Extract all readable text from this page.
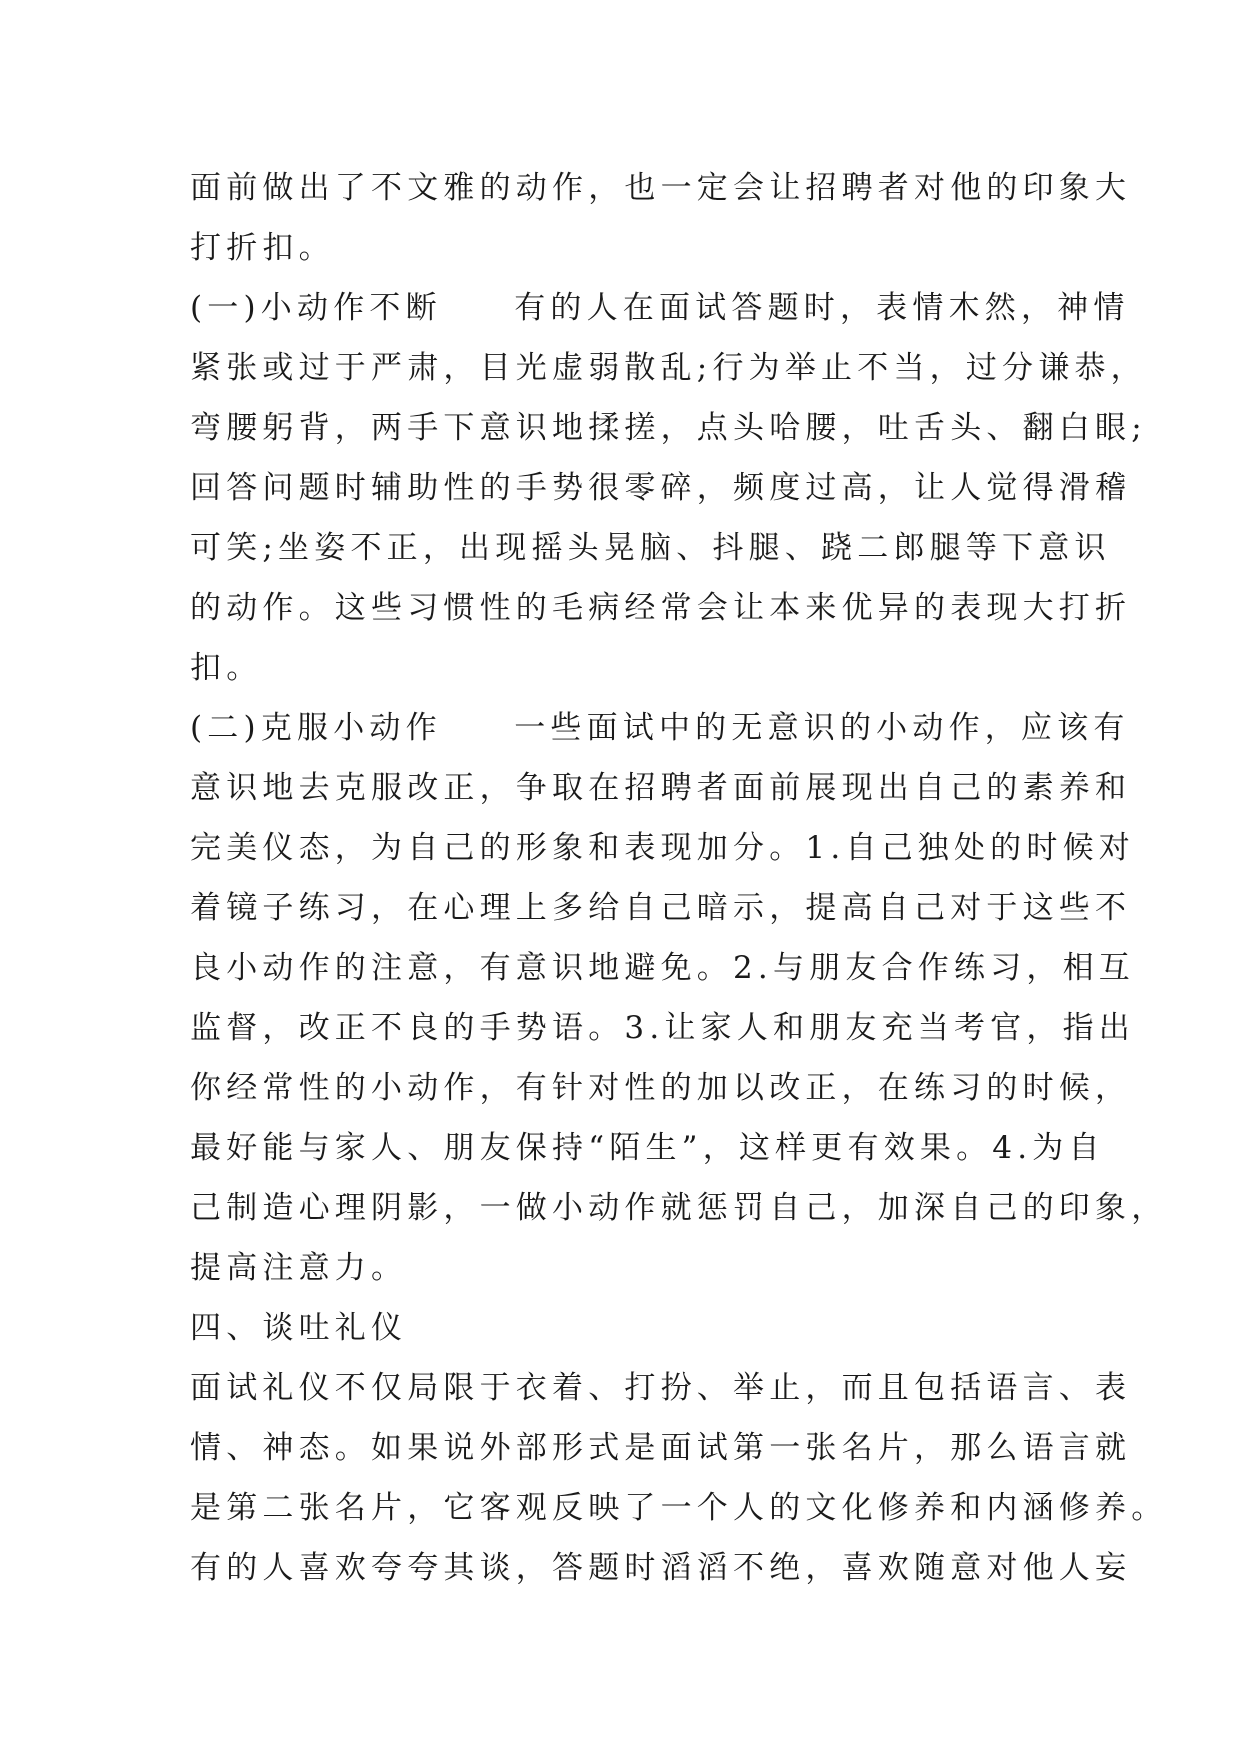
面前做出了不文雅的动作，也一定会让招聘者对他的印象大
打折扣。
(一)小动作不断　　有的人在面试答题时，表情木然，神情
紧张或过于严肃，目光虚弱散乱;行为举止不当，过分谦恭，
弯腰躬背，两手下意识地揉搓，点头哈腰，吐舌头、翻白眼;
回答问题时辅助性的手势很零碎，频度过高，让人觉得滑稽
可笑;坐姿不正，出现摇头晃脑、抖腿、跷二郎腿等下意识
的动作。这些习惯性的毛病经常会让本来优异的表现大打折
扣。
(二)克服小动作　　一些面试中的无意识的小动作，应该有
意识地去克服改正，争取在招聘者面前展现出自己的素养和
完美仪态，为自己的形象和表现加分。1.自己独处的时候对
着镜子练习，在心理上多给自己暗示，提高自己对于这些不
良小动作的注意，有意识地避免。2.与朋友合作练习，相互
监督，改正不良的手势语。3.让家人和朋友充当考官，指出
你经常性的小动作，有针对性的加以改正，在练习的时候，
最好能与家人、朋友保持“陌生”，这样更有效果。4.为自
己制造心理阴影，一做小动作就惩罚自己，加深自己的印象，
提高注意力。
四、谈吐礼仪
面试礼仪不仅局限于衣着、打扮、举止，而且包括语言、表
情、神态。如果说外部形式是面试第一张名片，那么语言就
是第二张名片，它客观反映了一个人的文化修养和内涵修养。
有的人喜欢夸夸其谈，答题时滔滔不绝，喜欢随意对他人妄
